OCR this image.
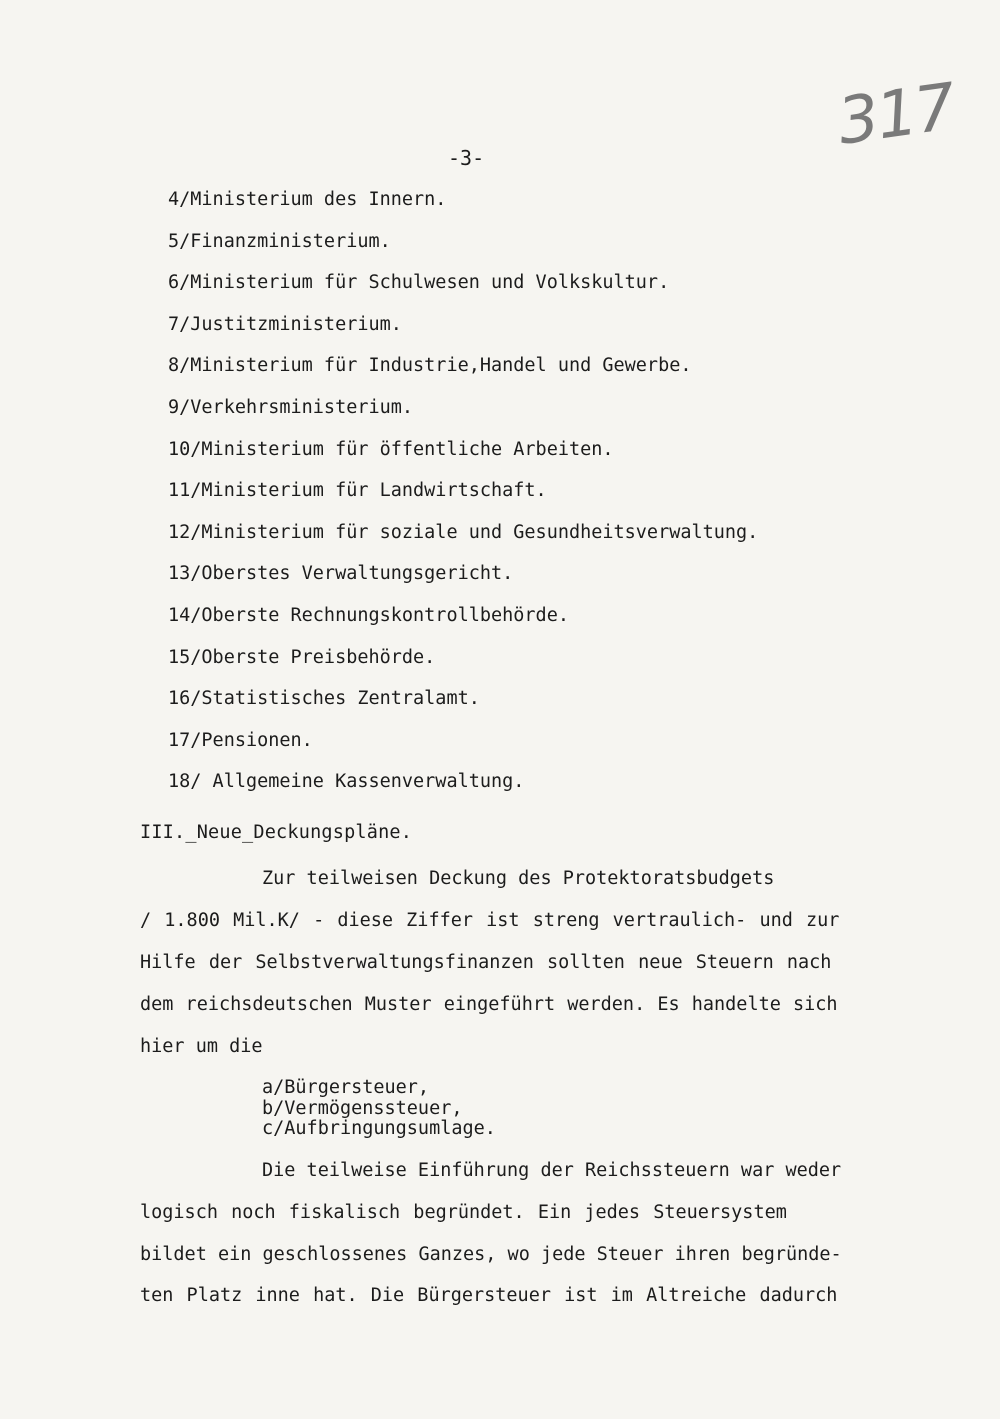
317
-3-
4/Ministerium des Innern.
5/Finanzministerium.
6/Ministerium für Schulwesen und Volkskultur.
7/Justitzministerium.
8/Ministerium für Industrie,Handel und Gewerbe.
9/Verkehrsministerium.
10/Ministerium für öffentliche Arbeiten.
11/Ministerium für Landwirtschaft.
12/Ministerium für soziale und Gesundheitsverwaltung.
13/Oberstes Verwaltungsgericht.
14/Oberste Rechnungskontrollbehörde.
15/Oberste Preisbehörde.
16/Statistisches Zentralamt.
17/Pensionen.
18/ Allgemeine Kassenverwaltung.
III._Neue_Deckungspläne.
Zur teilweisen Deckung des Protektoratsbudgets
/ 1.800 Mil.K/ - diese Ziffer ist streng vertraulich- und zur
Hilfe der Selbstverwaltungsfinanzen sollten neue Steuern nach
dem reichsdeutschen Muster eingeführt werden. Es handelte sich
hier um die
a/Bürgersteuer,
b/Vermögenssteuer,
c/Aufbringungsumlage.
Die teilweise Einführung der Reichssteuern war weder
logisch noch fiskalisch begründet. Ein jedes Steuersystem
bildet ein geschlossenes Ganzes, wo jede Steuer ihren begründe-
ten Platz inne hat. Die Bürgersteuer ist im Altreiche dadurch
